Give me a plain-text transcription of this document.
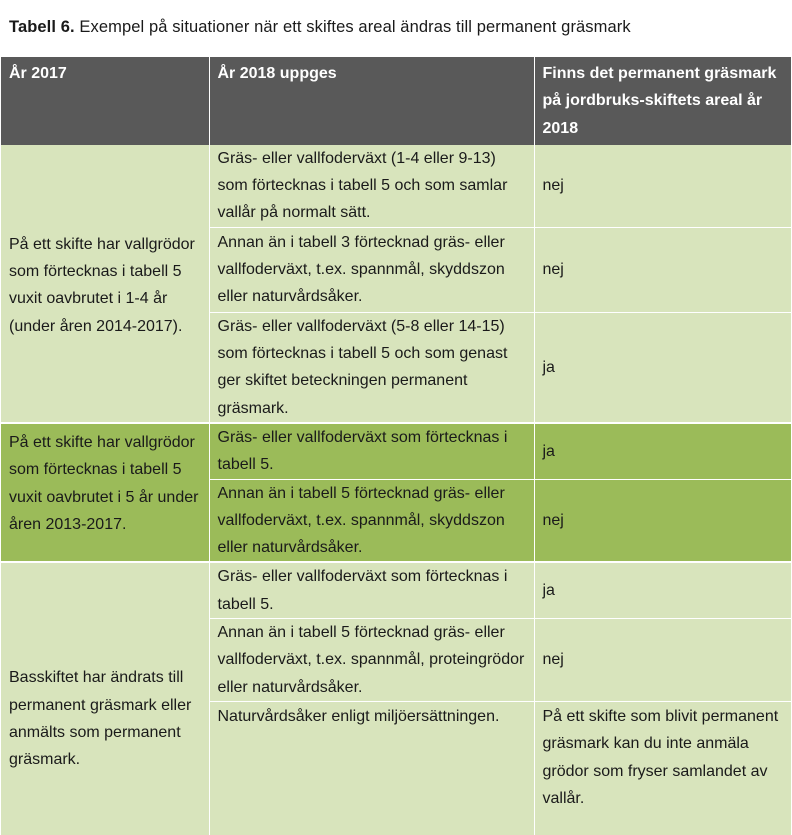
Tabell 6. Exempel på situationer när ett skiftes areal ändras till permanent gräsmark
År 2017	År 2018 uppges	Finns det permanent gräsmark på jordbruks-skiftets areal år 2018
På ett skifte har vallgrödor som förtecknas i tabell 5 vuxit oavbrutet i 1-4 år (under åren 2014-2017).	Gräs- eller vallfoderväxt (1-4 eller 9-13) som förtecknas i tabell 5 och som samlar vallår på normalt sätt.	nej
	Annan än i tabell 3 förtecknad gräs- eller vallfoderväxt, t.ex. spannmål, skyddszon eller naturvårdsåker.	nej
	Gräs- eller vallfoderväxt (5-8 eller 14-15) som förtecknas i tabell 5 och som genast ger skiftet beteckningen permanent gräsmark.	ja
På ett skifte har vallgrödor som förtecknas i tabell 5 vuxit oavbrutet i 5 år under åren 2013-2017.	Gräs- eller vallfoderväxt som förtecknas i tabell 5.	ja
	Annan än i tabell 5 förtecknad gräs- eller vallfoderväxt, t.ex. spannmål, skyddszon eller naturvårdsåker.	nej
Basskiftet har ändrats till permanent gräsmark eller anmälts som permanent gräsmark.	Gräs- eller vallfoderväxt som förtecknas i tabell 5.	ja
	Annan än i tabell 5 förtecknad gräs- eller vallfoderväxt, t.ex. spannmål, proteingrödor eller naturvårdsåker.	nej
	Naturvårdsåker enligt miljöersättningen.	På ett skifte som blivit permanent gräsmark kan du inte anmäla grödor som fryser samlandet av vallår.
